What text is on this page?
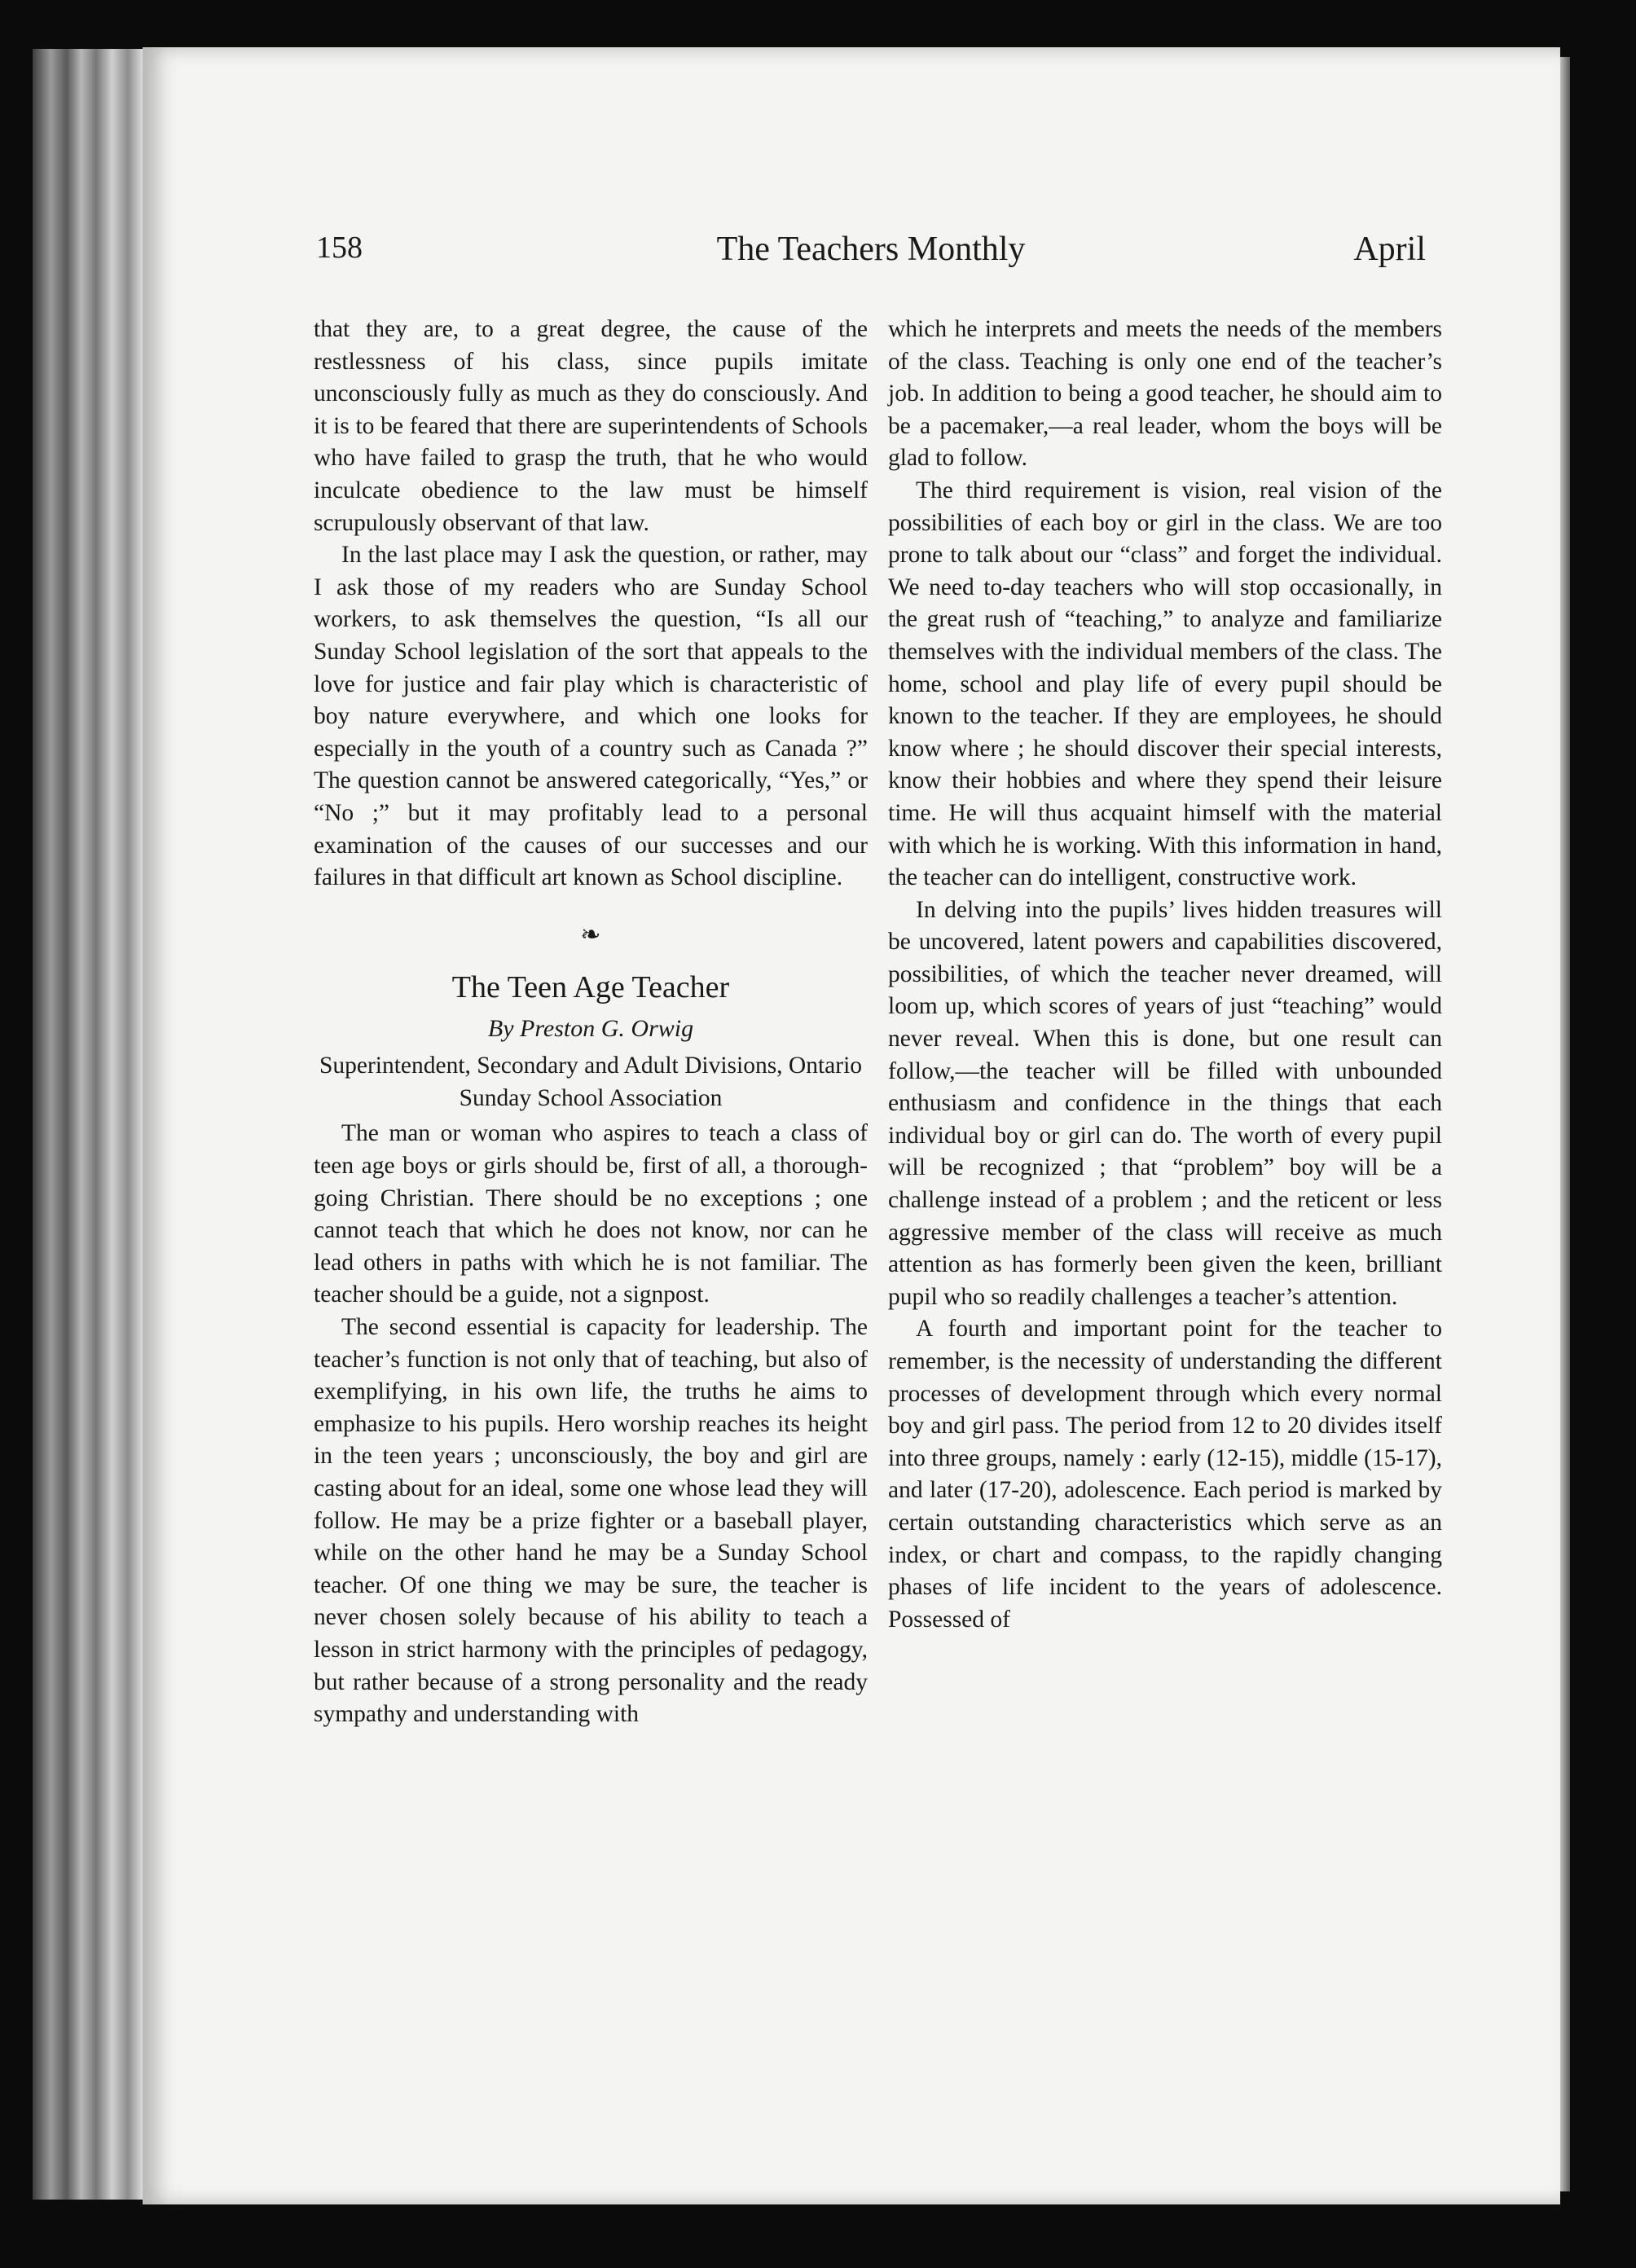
158	The Teachers Monthly	April

that they are, to a great degree, the cause of the restlessness of his class, since pupils imitate unconsciously fully as much as they do consciously. And it is to be feared that there are superintendents of Schools who have failed to grasp the truth, that he who would inculcate obedience to the law must be himself scrupulously observant of that law.

In the last place may I ask the question, or rather, may I ask those of my readers who are Sunday School workers, to ask themselves the question, “Is all our Sunday School legislation of the sort that appeals to the love for justice and fair play which is characteristic of boy nature everywhere, and which one looks for especially in the youth of a country such as Canada ?” The question cannot be answered categorically, “Yes,” or “No ;” but it may profitably lead to a personal examination of the causes of our successes and our failures in that difficult art known as School discipline.

❧
The Teen Age Teacher
By Preston G. Orwig
Superintendent, Secondary and Adult Divisions, Ontario Sunday School Association

The man or woman who aspires to teach a class of teen age boys or girls should be, first of all, a thorough-going Christian. There should be no exceptions ; one cannot teach that which he does not know, nor can he lead others in paths with which he is not familiar. The teacher should be a guide, not a signpost.

The second essential is capacity for leadership. The teacher’s function is not only that of teaching, but also of exemplifying, in his own life, the truths he aims to emphasize to his pupils. Hero worship reaches its height in the teen years ; unconsciously, the boy and girl are casting about for an ideal, some one whose lead they will follow. He may be a prize fighter or a baseball player, while on the other hand he may be a Sunday School teacher. Of one thing we may be sure, the teacher is never chosen solely because of his ability to teach a lesson in strict harmony with the principles of pedagogy, but rather because of a strong personality and the ready sympathy and understanding with

which he interprets and meets the needs of the members of the class. Teaching is only one end of the teacher’s job. In addition to being a good teacher, he should aim to be a pacemaker,—a real leader, whom the boys will be glad to follow.

The third requirement is vision, real vision of the possibilities of each boy or girl in the class. We are too prone to talk about our “class” and forget the individual. We need to-day teachers who will stop occasionally, in the great rush of “teaching,” to analyze and familiarize themselves with the individual members of the class. The home, school and play life of every pupil should be known to the teacher. If they are employees, he should know where ; he should discover their special interests, know their hobbies and where they spend their leisure time. He will thus acquaint himself with the material with which he is working. With this information in hand, the teacher can do intelligent, constructive work.

In delving into the pupils’ lives hidden treasures will be uncovered, latent powers and capabilities discovered, possibilities, of which the teacher never dreamed, will loom up, which scores of years of just “teaching” would never reveal. When this is done, but one result can follow,—the teacher will be filled with unbounded enthusiasm and confidence in the things that each individual boy or girl can do. The worth of every pupil will be recognized ; that “problem” boy will be a challenge instead of a problem ; and the reticent or less aggressive member of the class will receive as much attention as has formerly been given the keen, brilliant pupil who so readily challenges a teacher’s attention.

A fourth and important point for the teacher to remember, is the necessity of understanding the different processes of development through which every normal boy and girl pass. The period from 12 to 20 divides itself into three groups, namely : early (12-15), middle (15-17), and later (17-20), adolescence. Each period is marked by certain outstanding characteristics which serve as an index, or chart and compass, to the rapidly changing phases of life incident to the years of adolescence. Possessed of
